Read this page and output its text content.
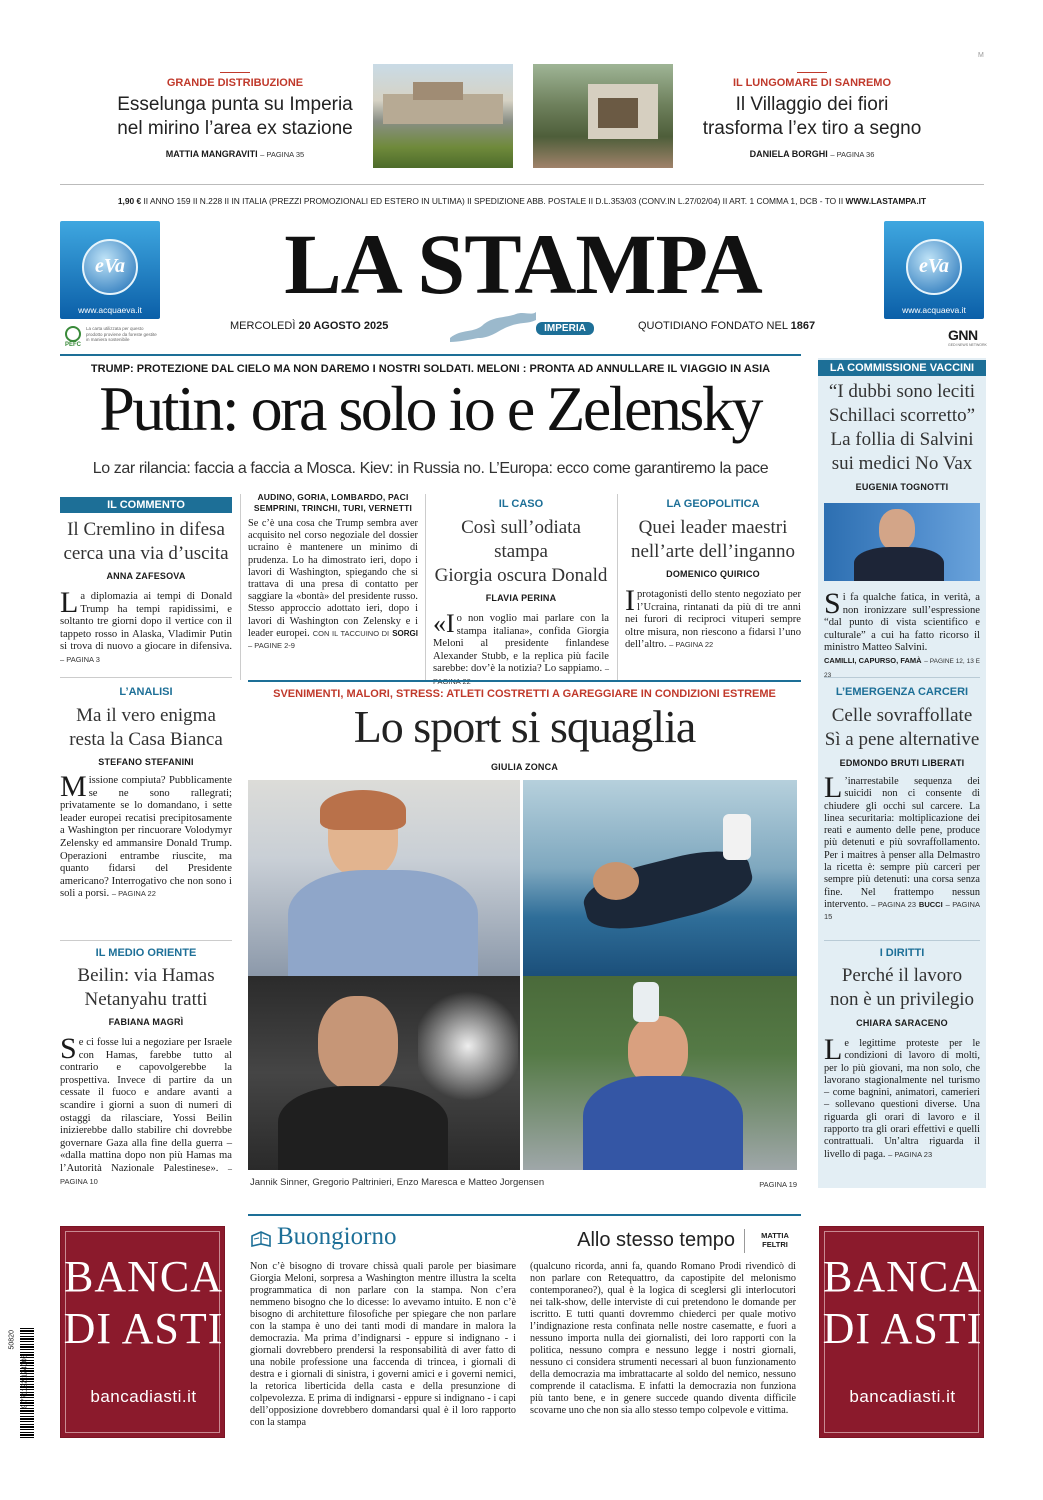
M
GRANDE DISTRIBUZIONE
Esselunga punta su Imperia
nel mirino l’area ex stazione
MATTIA MANGRAVITI – PAGINA 35
IL LUNGOMARE DI SANREMO
Il Villaggio dei fiori
trasforma l’ex tiro a segno
DANIELA BORGHI – PAGINA 36
1,90 € II ANNO 159 II N.228 II IN ITALIA (PREZZI PROMOZIONALI ED ESTERO IN ULTIMA) II SPEDIZIONE ABB. POSTALE II D.L.353/03 (CONV.IN L.27/02/04) II ART. 1 COMMA 1, DCB - TO II WWW.LASTAMPA.IT
eVa
www.acquaeva.it
eVa
www.acquaeva.it
PEFC
La carta utilizzata per questo prodotto proviene da foreste gestite in maniera sostenibile
LA STAMPA
MERCOLEDÌ 20 AGOSTO 2025	IMPERIA	QUOTIDIANO FONDATO NEL 1867
GNN
GEDI NEWS NETWORK
TRUMP: PROTEZIONE DAL CIELO MA NON DAREMO I NOSTRI SOLDATI. MELONI : PRONTA AD ANNULLARE IL VIAGGIO IN ASIA
Putin: ora solo io e Zelensky
Lo zar rilancia: faccia a faccia a Mosca. Kiev: in Russia no. L’Europa: ecco come garantiremo la pace
IL COMMENTO
Il Cremlino in difesa
cerca una via d’uscita
ANNA ZAFESOVA
La diplomazia ai tempi di Donald Trump ha tempi rapidissimi, e soltanto tre giorni dopo il vertice con il tappeto rosso in Alaska, Vladimir Putin si trova di nuovo a giocare in difensiva. – PAGINA 3
L’ANALISI
Ma il vero enigma
resta la Casa Bianca
STEFANO STEFANINI
Missione compiuta? Pubblicamente se ne sono rallegrati; privatamente se lo domandano, i sette leader europei recatisi precipitosamente a Washington per rincuorare Volodymyr Zelensky ed ammansire Donald Trump. Operazioni entrambe riuscite, ma quanto fidarsi del Presidente americano? Interrogativo che non sono i soli a porsi. – PAGINA 22
IL MEDIO ORIENTE
Beilin: via Hamas
Netanyahu tratti
FABIANA MAGRÌ
Se ci fosse lui a negoziare per Israele con Hamas, farebbe tutto al contrario e capovolgerebbe la prospettiva. Invece di partire da un cessate il fuoco e andare avanti a scandire i giorni a suon di numeri di ostaggi da rilasciare, Yossi Beilin inizierebbe dallo stabilire chi dovrebbe governare Gaza alla fine della guerra – «dalla mattina dopo non più Hamas ma l’Autorità Nazionale Palestinese». – PAGINA 10
AUDINO, GORIA, LOMBARDO, PACI SEMPRINI, TRINCHI, TURI, VERNETTI
Se c’è una cosa che Trump sembra aver acquisito nel corso negoziale del dossier ucraino è mantenere un minimo di prudenza. Lo ha dimostrato ieri, dopo i lavori di Washington, spiegando che si trattava di una presa di contatto per saggiare la «bontà» del presidente russo. Stesso approccio adottato ieri, dopo i lavori di Washington con Zelensky e i leader europei. CON IL TACCUINO DI SORGI – PAGINE 2-9
IL CASO
Così sull’odiata stampa
Giorgia oscura Donald
FLAVIA PERINA
«Io non voglio mai parlare con la stampa italiana», confida Giorgia Meloni al presidente finlandese Alexander Stubb, e la replica più facile sarebbe: dov’è la notizia? Lo sappiamo. – PAGINA 22
LA GEOPOLITICA
Quei leader maestri
nell’arte dell’inganno
DOMENICO QUIRICO
Iprotagonisti dello stento negoziato per l’Ucraina, rintanati da più di tre anni nei furori di reciproci vituperi sempre oltre misura, non riescono a fidarsi l’uno dell’altro. – PAGINA 22
SVENIMENTI, MALORI, STRESS: ATLETI COSTRETTI A GAREGGIARE IN CONDIZIONI ESTREME
Lo sport si squaglia
GIULIA ZONCA
Jannik Sinner, Gregorio Paltrinieri, Enzo Maresca e Matteo Jorgensen	PAGINA 19
LA COMMISSIONE VACCINI
“I dubbi sono leciti
Schillaci scorretto”
La follia di Salvini
sui medici No Vax
EUGENIA TOGNOTTI
Si fa qualche fatica, in verità, a non ironizzare sull’espressione “dal punto di vista scientifico e culturale” a cui ha fatto ricorso il ministro Matteo Salvini.
CAMILLI, CAPURSO, FAMÀ – PAGINE 12, 13 E 23
L’EMERGENZA CARCERI
Celle sovraffollate
Sì a pene alternative
EDMONDO BRUTI LIBERATI
L ’inarrestabile sequenza dei suicidi non ci consente di chiudere gli occhi sul carcere. La linea securitaria: moltiplicazione dei reati e aumento delle pene, produce più detenuti e più sovraffollamento. Per i maitres à penser alla Delmastro la ricetta è: sempre più carceri per sempre più detenuti: una corsa senza fine. Nel frattempo nessun intervento. – PAGINA 23 BUCCI – PAGINA 15
I DIRITTI
Perché il lavoro
non è un privilegio
CHIARA SARACENO
Le legittime proteste per le condizioni di lavoro di molti, per lo più giovani, ma non solo, che lavorano stagionalmente nel turismo – come bagnini, animatori, camerieri – sollevano questioni diverse. Una riguarda gli orari di lavoro e il rapporto tra gli orari effettivi e quelli contrattuali. Un’altra riguarda il livello di paga. – PAGINA 23
BANCA
DI ASTI
bancadiasti.it
BANCA
DI ASTI
bancadiasti.it
9 771122 174003
50820
Buongiorno	Allo stesso tempo	MATTIA
FELTRI
Non c’è bisogno di trovare chissà quali parole per biasimare Giorgia Meloni, sorpresa a Washington mentre illustra la scelta programmatica di non parlare con la stampa. Non c’era nemmeno bisogno che lo dicesse: lo avevamo intuito. E non c’è bisogno di architetture filosofiche per spiegare che non parlare con la stampa è uno dei tanti modi di mandare in malora la democrazia. Ma prima d’indignarsi - eppure si indignano - i giornali dovrebbero prendersi la responsabilità di aver fatto di una nobile professione una faccenda di trincea, i giornali di destra e i giornali di sinistra, i governi amici e i governi nemici, la retorica liberticida della casta e della presunzione di colpevolezza. E prima di indignarsi - eppure si indignano - i capi dell’opposizione dovrebbero domandarsi qual è il loro rapporto con la stampa
(qualcuno ricorda, anni fa, quando Romano Prodi rivendicò di non parlare con Retequattro, da capostipite del melonismo contemporaneo?), qual è la logica di sceglersi gli interlocutori nei talk-show, delle interviste di cui pretendono le domande per iscritto. E tutti quanti dovremmo chiederci per quale motivo l’indignazione resta confinata nelle nostre casematte, e fuori a nessuno importa nulla dei giornalisti, dei loro rapporti con la politica, nessuno compra e nessuno legge i nostri giornali, nessuno ci considera strumenti necessari al buon funzionamento della democrazia ma imbrattacarte al soldo del nemico, nessuno comprende il cataclisma. E infatti la democrazia non funziona più tanto bene, e in genere succede quando diventa difficile scovarne uno che non sia allo stesso tempo colpevole e vittima.
